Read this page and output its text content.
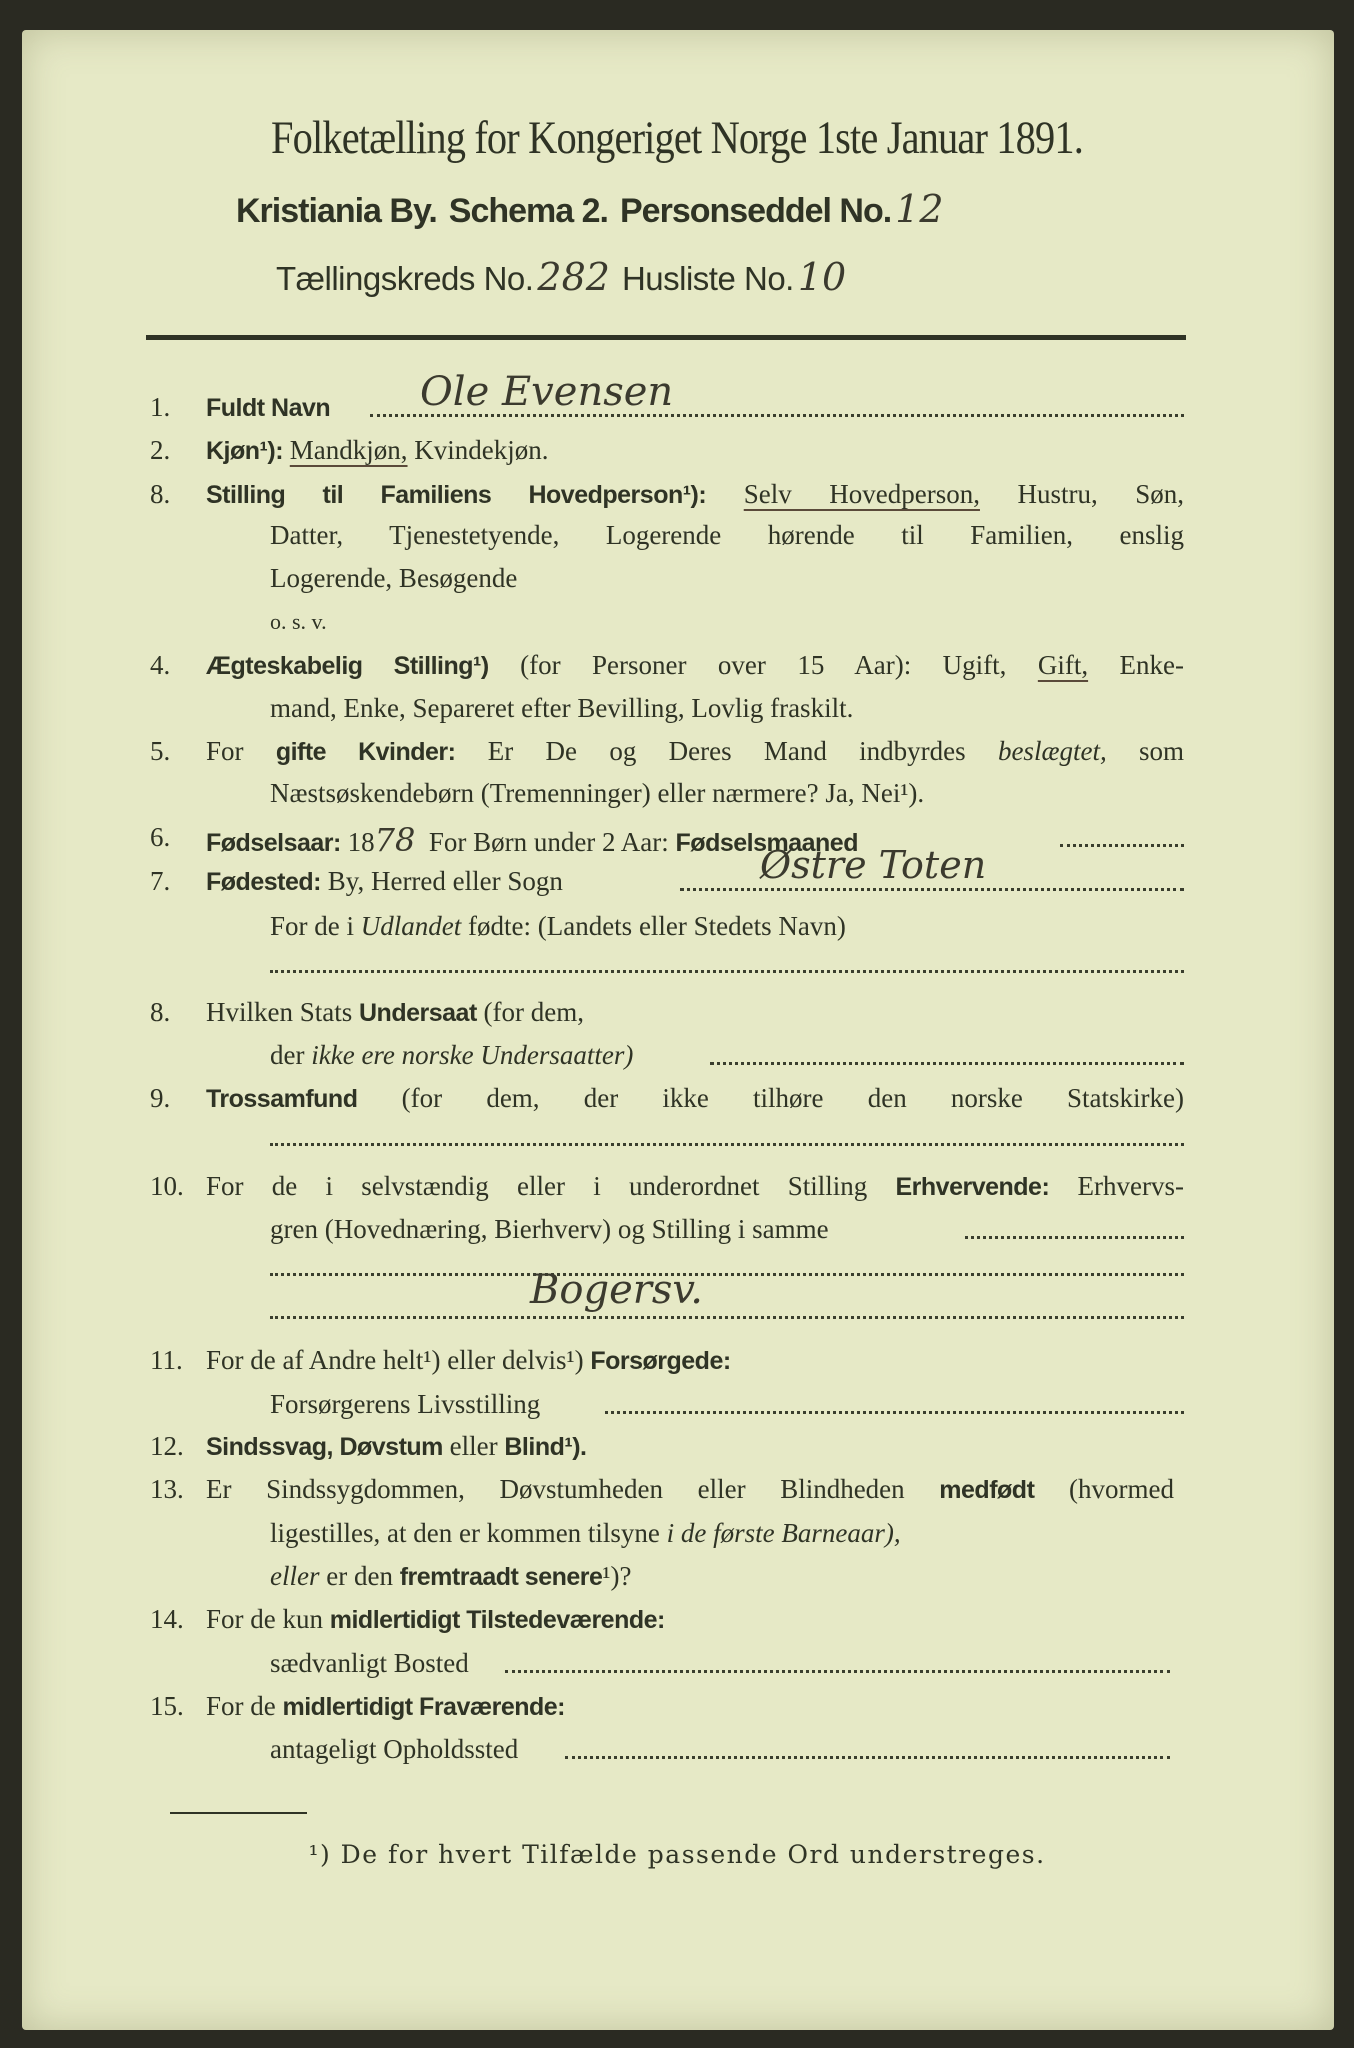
Folketælling for Kongeriget Norge 1ste Januar 1891.
Kristiania By. Schema 2. Personseddel No. 12
Tællingskreds No. 282 Husliste No. 10
1. Fuldt Navn Ole Evensen
2. Kjøn¹): Mandkjøn, Kvindekjøn.
8. Stilling til Familiens Hovedperson¹): Selv Hovedperson, Hustru, Søn,
Datter, Tjenestetyende, Logerende hørende til Familien, enslig
Logerende, Besøgende
o. s. v.
4. Ægteskabelig Stilling¹) (for Personer over 15 Aar): Ugift, Gift, Enke-
mand, Enke, Separeret efter Bevilling, Lovlig fraskilt.
5. For gifte Kvinder: Er De og Deres Mand indbyrdes beslægtet, som
Næstsøskendebørn (Tremenninger) eller nærmere? Ja, Nei¹).
6. Fødselsaar: 1878 For Børn under 2 Aar: Fødselsmaaned
7. Fødested: By, Herred eller Sogn	Østre Toten
For de i Udlandet fødte: (Landets eller Stedets Navn)
8. Hvilken Stats Undersaat (for dem,
der ikke ere norske Undersaatter)
9. Trossamfund (for dem, der ikke tilhøre den norske Statskirke)
10. For de i selvstændig eller i underordnet Stilling Erhvervende: Erhvervs-
gren (Hovednæring, Bierhverv) og Stilling i samme
Bogersv.
11. For de af Andre helt¹) eller delvis¹) Forsørgede:
Forsørgerens Livsstilling
12. Sindssvag, Døvstum eller Blind¹).
13. Er Sindssygdommen, Døvstumheden eller Blindheden medfødt (hvormed
ligestilles, at den er kommen tilsyne i de første Barneaar),
eller er den fremtraadt senere¹)?
14. For de kun midlertidigt Tilstedeværende:
sædvanligt Bosted
15. For de midlertidigt Fraværende:
antageligt Opholdssted
¹) De for hvert Tilfælde passende Ord understreges.
